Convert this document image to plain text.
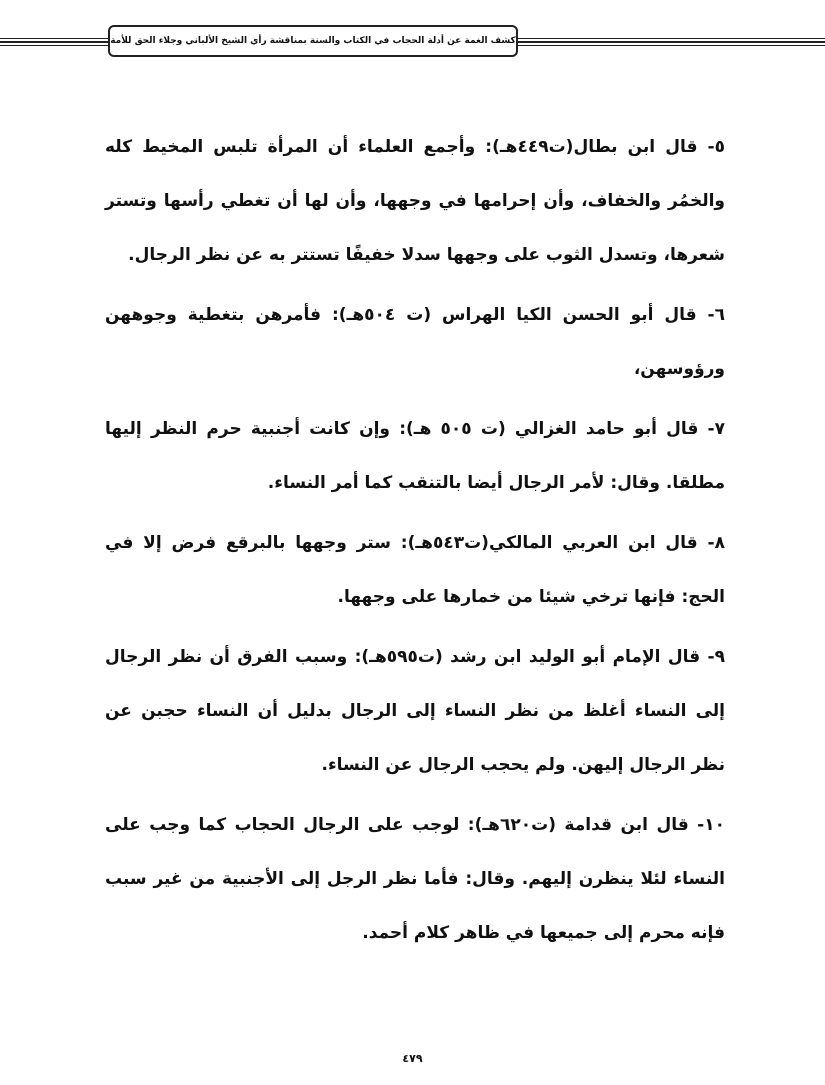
كشف الغمة عن أدلة الحجاب في الكتاب والسنة بمناقشة رأي الشيخ الألباني وجلاء الحق للأمة

٥- قال ابن بطال(ت٤٤٩هـ): وأجمع العلماء أن المرأة تلبس المخيط كله والخمُر والخفاف، وأن إحرامها في وجهها، وأن لها أن تغطي رأسها وتستر شعرها، وتسدل الثوب على وجهها سدلا خفيفًا تستتر به عن نظر الرجال.

٦- قال أبو الحسن الكيا الهراس (ت ٥٠٤هـ): فأمرهن بتغطية وجوههن ورؤوسهن،

٧- قال أبو حامد الغزالي (ت ٥٠٥ هـ): وإن كانت أجنبية حرم النظر إليها مطلقا. وقال: لأمر الرجال أيضا بالتنقب كما أمر النساء.

٨- قال ابن العربي المالكي(ت٥٤٣هـ): ستر وجهها بالبرقع فرض إلا في الحج: فإنها ترخي شيئا من خمارها على وجهها.

٩- قال الإمام أبو الوليد ابن رشد (ت٥٩٥هـ): وسبب الفرق أن نظر الرجال إلى النساء أغلظ من نظر النساء إلى الرجال بدليل أن النساء حجبن عن نظر الرجال إليهن. ولم يحجب الرجال عن النساء.

١٠- قال ابن قدامة (ت٦٢٠هـ): لوجب على الرجال الحجاب كما وجب على النساء لئلا ينظرن إليهم. وقال: فأما نظر الرجل إلى الأجنبية من غير سبب فإنه محرم إلى جميعها في ظاهر كلام أحمد.

٤٧٩
